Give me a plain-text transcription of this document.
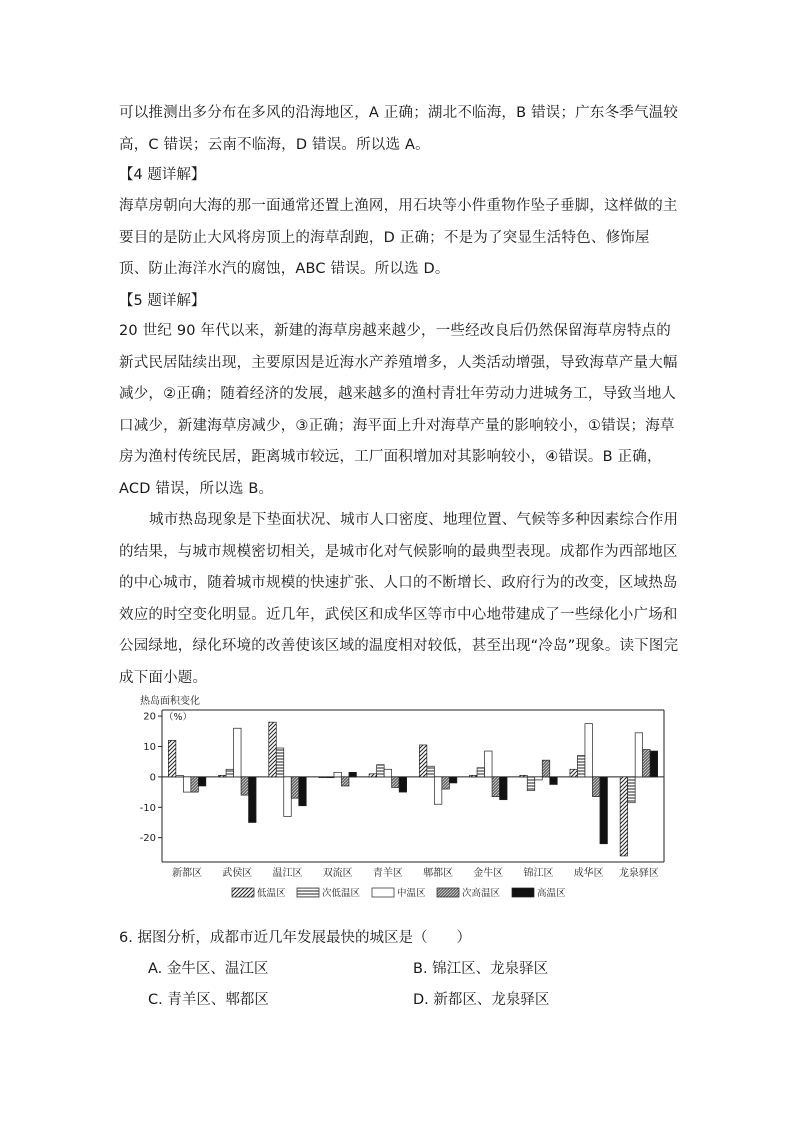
可以推测出多分布在多风的沿海地区，A 正确；湖北不临海，B 错误；广东冬季气温较高，C 错误；云南不临海，D 错误。所以选 A。

【4 题详解】

海草房朝向大海的那一面通常还置上渔网，用石块等小件重物作坠子垂脚，这样做的主要目的是防止大风将房顶上的海草刮跑，D 正确；不是为了突显生活特色、修饰屋顶、防止海洋水汽的腐蚀，ABC 错误。所以选 D。

【5 题详解】

20 世纪 90 年代以来，新建的海草房越来越少，一些经改良后仍然保留海草房特点的新式民居陆续出现，主要原因是近海水产养殖增多，人类活动增强，导致海草产量大幅减少，②正确；随着经济的发展，越来越多的渔村青壮年劳动力进城务工，导致当地人口减少，新建海草房减少，③正确；海平面上升对海草产量的影响较小，①错误；海草房为渔村传统民居，距离城市较远，工厂面积增加对其影响较小，④错误。B 正确，ACD 错误，所以选 B。

城市热岛现象是下垫面状况、城市人口密度、地理位置、气候等多种因素综合作用的结果，与城市规模密切相关，是城市化对气候影响的最典型表现。成都作为西部地区的中心城市，随着城市规模的快速扩张、人口的不断增长、政府行为的改变，区域热岛效应的时空变化明显。近几年，武侯区和成华区等市中心地带建成了一些绿化小广场和公园绿地，绿化环境的改善使该区域的温度相对较低，甚至出现“冷岛”现象。读下图完成下面小题。

热岛面积变化
（%）
20
10
0
-10
-20
新都区 武侯区 温江区 双流区 青羊区 郫都区 金牛区 锦江区 成华区 龙泉驿区
低温区	次低温区	中温区	次高温区	高温区
6. 据图分析，成都市近几年发展最快的城区是（　　）
A. 金牛区、温江区	B. 锦江区、龙泉驿区
C. 青羊区、郫都区	D. 新都区、龙泉驿区
